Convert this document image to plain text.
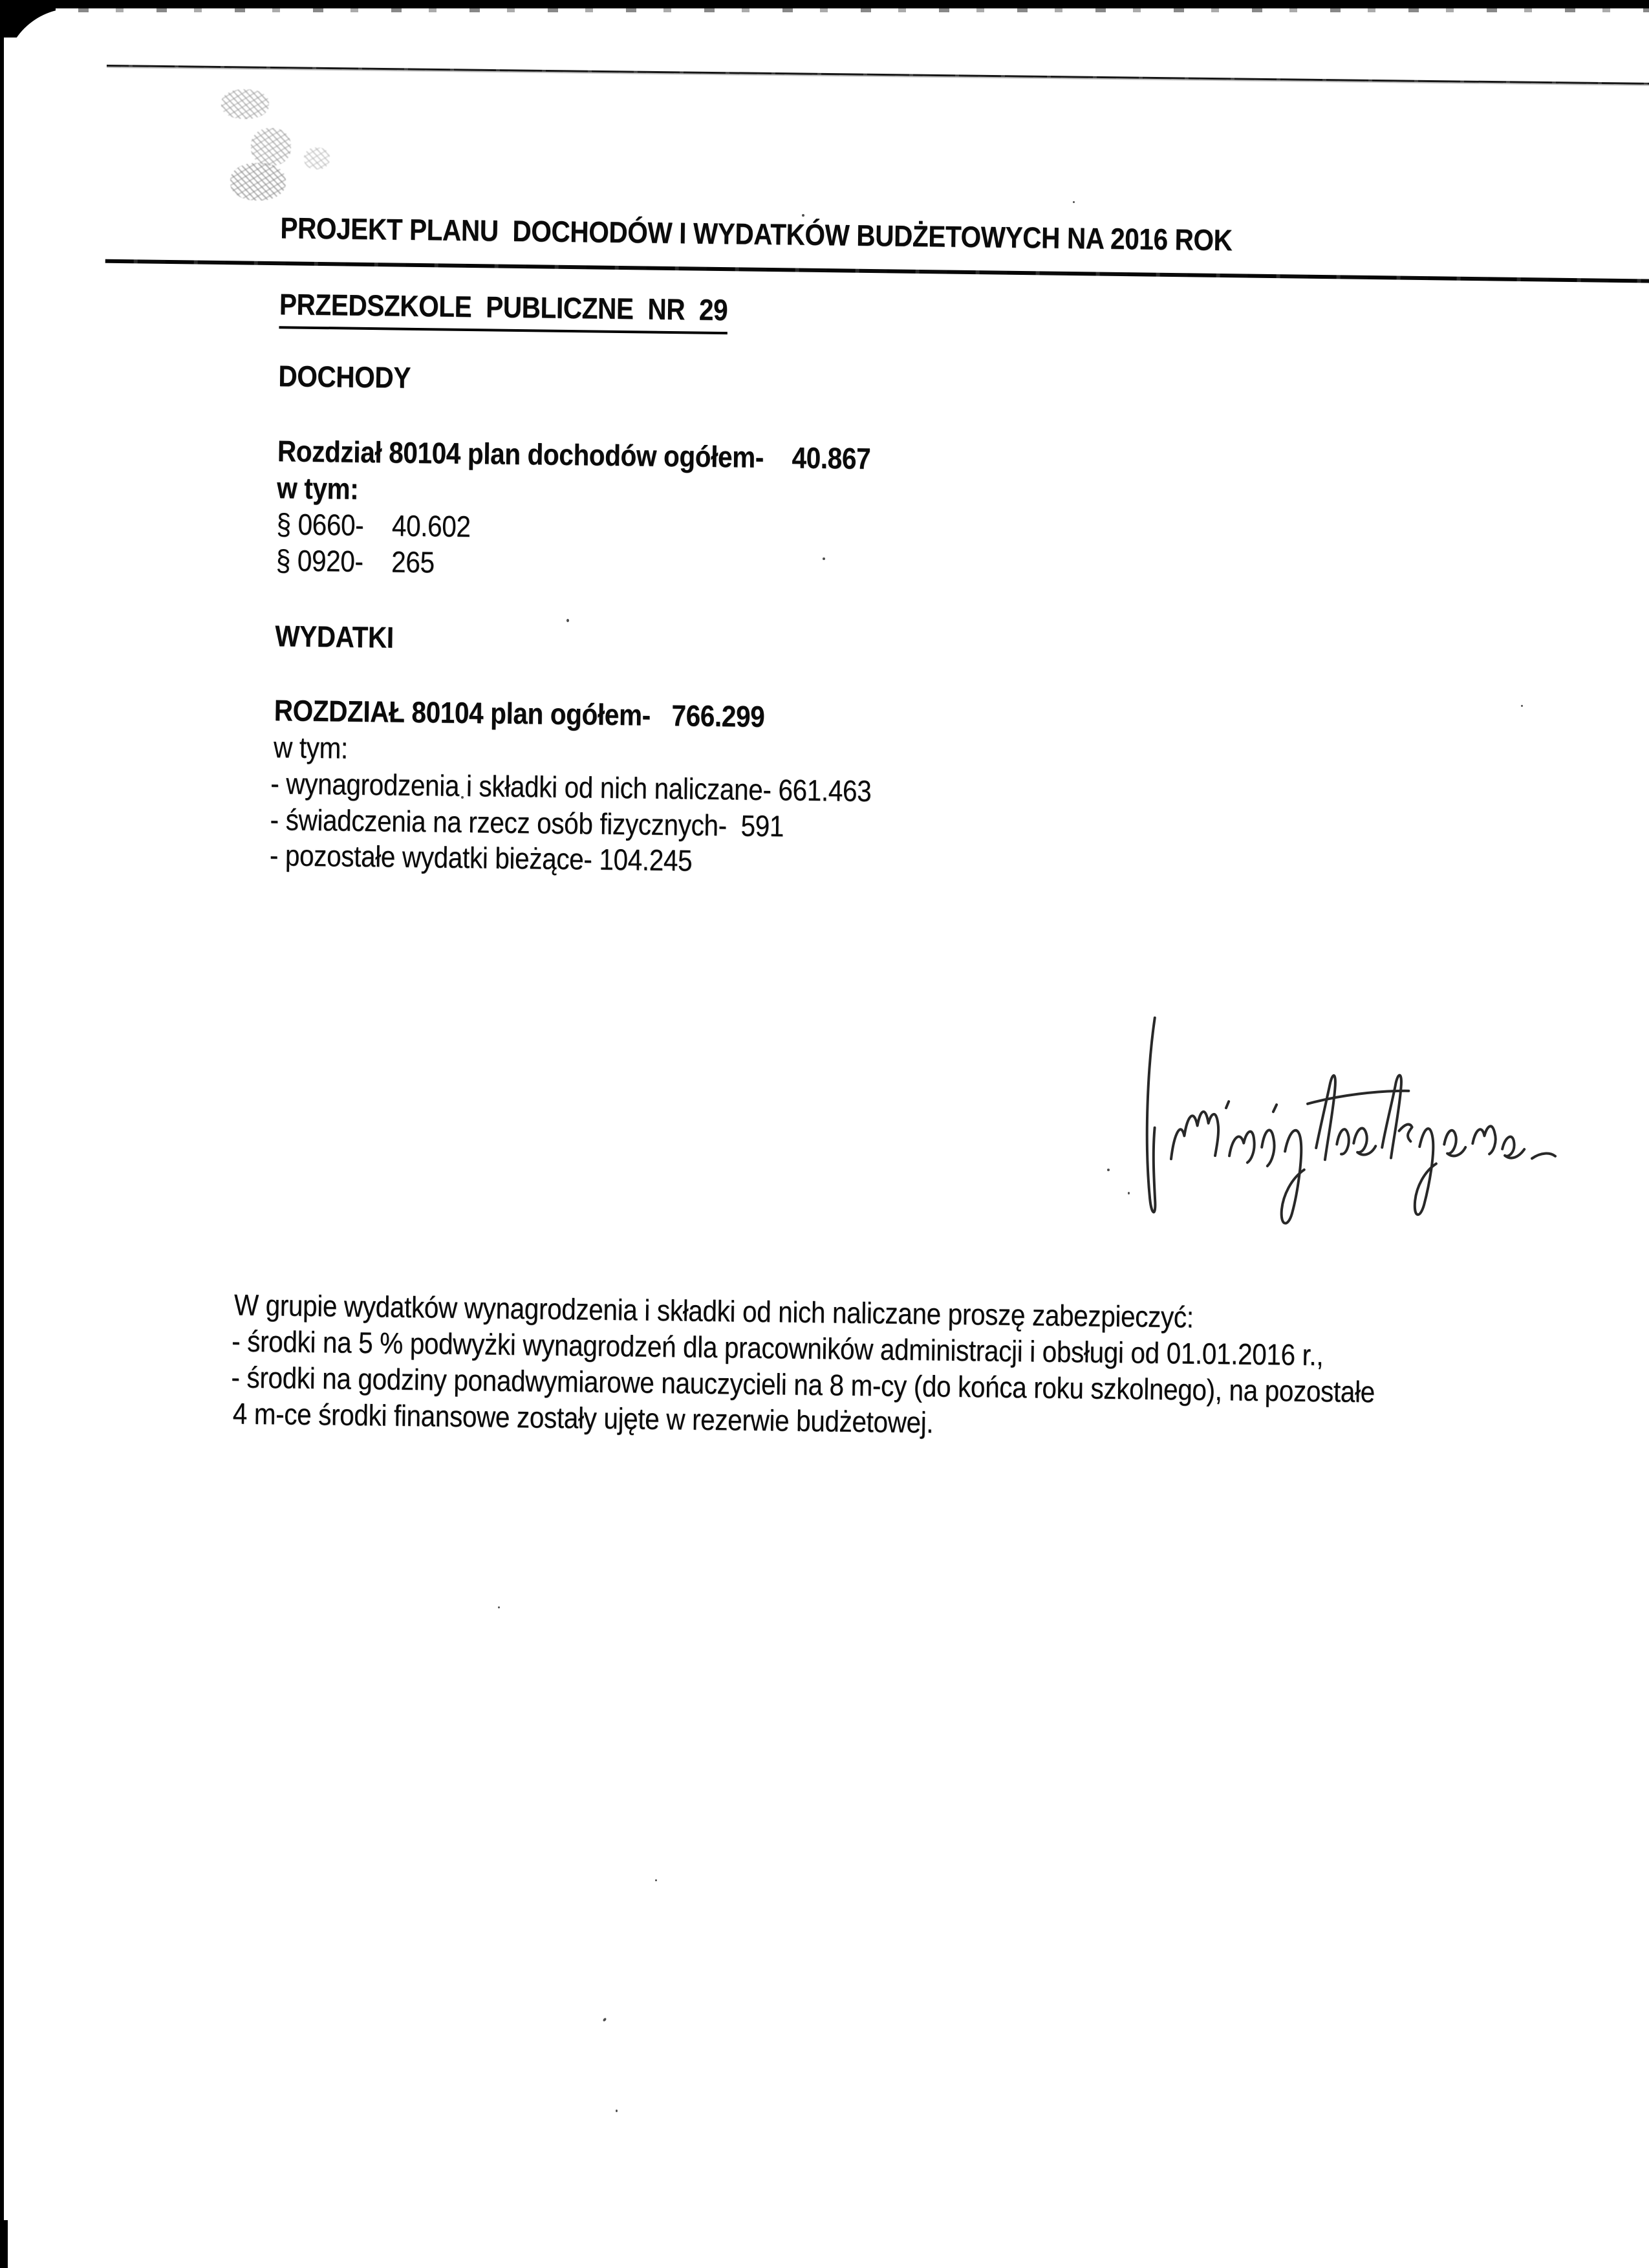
PROJEKT PLANU  DOCHODÓW I WYDATKÓW BUDŻETOWYCH NA 2016 ROK
PRZEDSZKOLE  PUBLICZNE  NR  29
DOCHODY
Rozdział 80104 plan dochodów ogółem-    40.867
w tym:
§ 0660-    40.602
§ 0920-    265
WYDATKI
ROZDZIAŁ 80104 plan ogółem-   766.299
w tym:
- wynagrodzenia i składki od nich naliczane- 661.463
- świadczenia na rzecz osób fizycznych-  591
- pozostałe wydatki bieżące- 104.245
W grupie wydatków wynagrodzenia i składki od nich naliczane proszę zabezpieczyć:
- środki na 5 % podwyżki wynagrodzeń dla pracowników administracji i obsługi od 01.01.2016 r.,
- środki na godziny ponadwymiarowe nauczycieli na 8 m-cy (do końca roku szkolnego), na pozostałe
4 m-ce środki finansowe zostały ujęte w rezerwie budżetowej.
